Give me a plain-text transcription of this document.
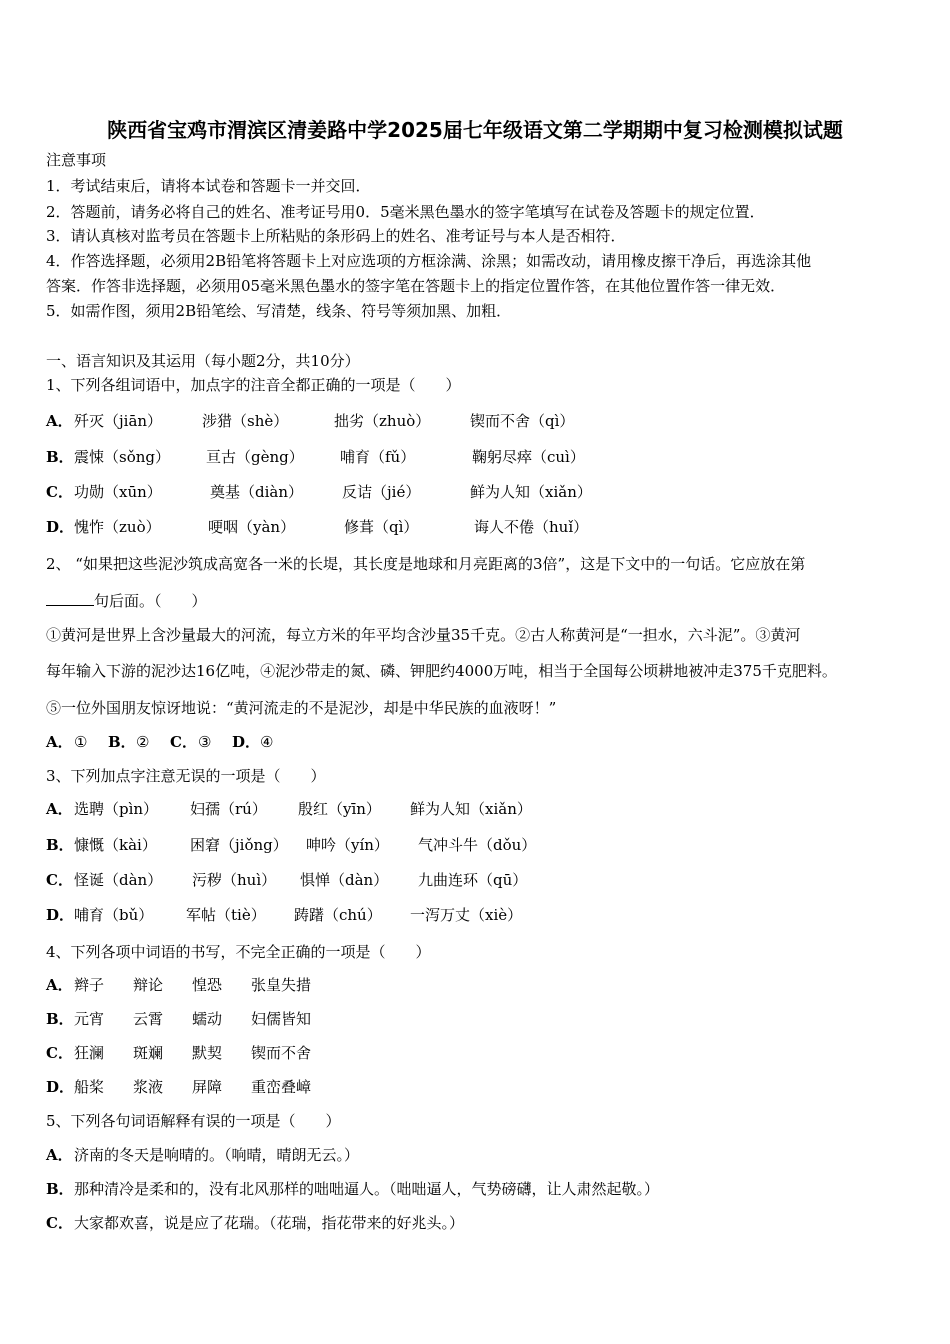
陕西省宝鸡市渭滨区清姜路中学2025届七年级语文第二学期期中复习检测模拟试题
注意事项
1．考试结束后，请将本试卷和答题卡一并交回．
2．答题前，请务必将自己的姓名、准考证号用0．5毫米黑色墨水的签字笔填写在试卷及答题卡的规定位置．
3．请认真核对监考员在答题卡上所粘贴的条形码上的姓名、准考证号与本人是否相符．
4．作答选择题，必须用2B铅笔将答题卡上对应选项的方框涂满、涂黑；如需改动，请用橡皮擦干净后，再选涂其他
答案．作答非选择题，必须用05毫米黑色墨水的签字笔在答题卡上的指定位置作答，在其他位置作答一律无效．
5．如需作图，须用2B铅笔绘、写清楚，线条、符号等须加黑、加粗．
一、语言知识及其运用（每小题2分，共10分）
1、下列各组词语中，加点字的注音全都正确的一项是（　　）
A． 歼灭（jiān）	涉猎（shè）	拙劣（zhuò）	锲而不舍（qì）
B． 震悚（sǒng） 亘古（gèng） 哺育（fǔ）	鞠躬尽瘁（cuì）
C． 功勋（xūn）	奠基（diàn）	反诘（jié）	鲜为人知（xiǎn）
D． 愧怍（zuò）	哽咽（yàn）	修葺（qì）	诲人不倦（huǐ）
2、 “如果把这些泥沙筑成高宽各一米的长堤，其长度是地球和月亮距离的3倍”，这是下文中的一句话。它应放在第
句后面。（　　）
①黄河是世界上含沙量最大的河流，每立方米的年平均含沙量35千克。②古人称黄河是“一担水，六斗泥”。③黄河
每年输入下游的泥沙达16亿吨，④泥沙带走的氮、磷、钾肥约4000万吨，相当于全国每公顷耕地被冲走375千克肥料。
⑤一位外国朋友惊讶地说：“黄河流走的不是泥沙，却是中华民族的血液呀！”
A． ① B． ② C． ③ D． ④
3、下列加点字注意无误的一项是（　　）
A． 选聘（pìn） 妇孺（rú） 殷红（yīn） 鲜为人知（xiǎn）
B． 慷慨（kài） 困窘（jiǒng） 呻吟（yín） 气冲斗牛（dǒu）
C． 怪诞（dàn） 污秽（huì） 惧惮（dàn） 九曲连环（qū）
D． 哺育（bǔ） 军帖（tiè） 踌躇（chú） 一泻万丈（xiè）
4、下列各项中词语的书写，不完全正确的一项是（　　）
A． 辫子 辩论 惶恐 张皇失措
B． 元宵 云霄 蠕动 妇儒皆知
C． 狂澜 斑斓 默契 锲而不舍
D． 船桨 浆液 屏障 重峦叠嶂
5、下列各句词语解释有误的一项是（　　）
A． 济南的冬天是响晴的。（响晴，晴朗无云。）
B． 那种清冷是柔和的，没有北风那样的咄咄逼人。（咄咄逼人，气势磅礴，让人肃然起敬。）
C． 大家都欢喜，说是应了花瑞。（花瑞，指花带来的好兆头。）
